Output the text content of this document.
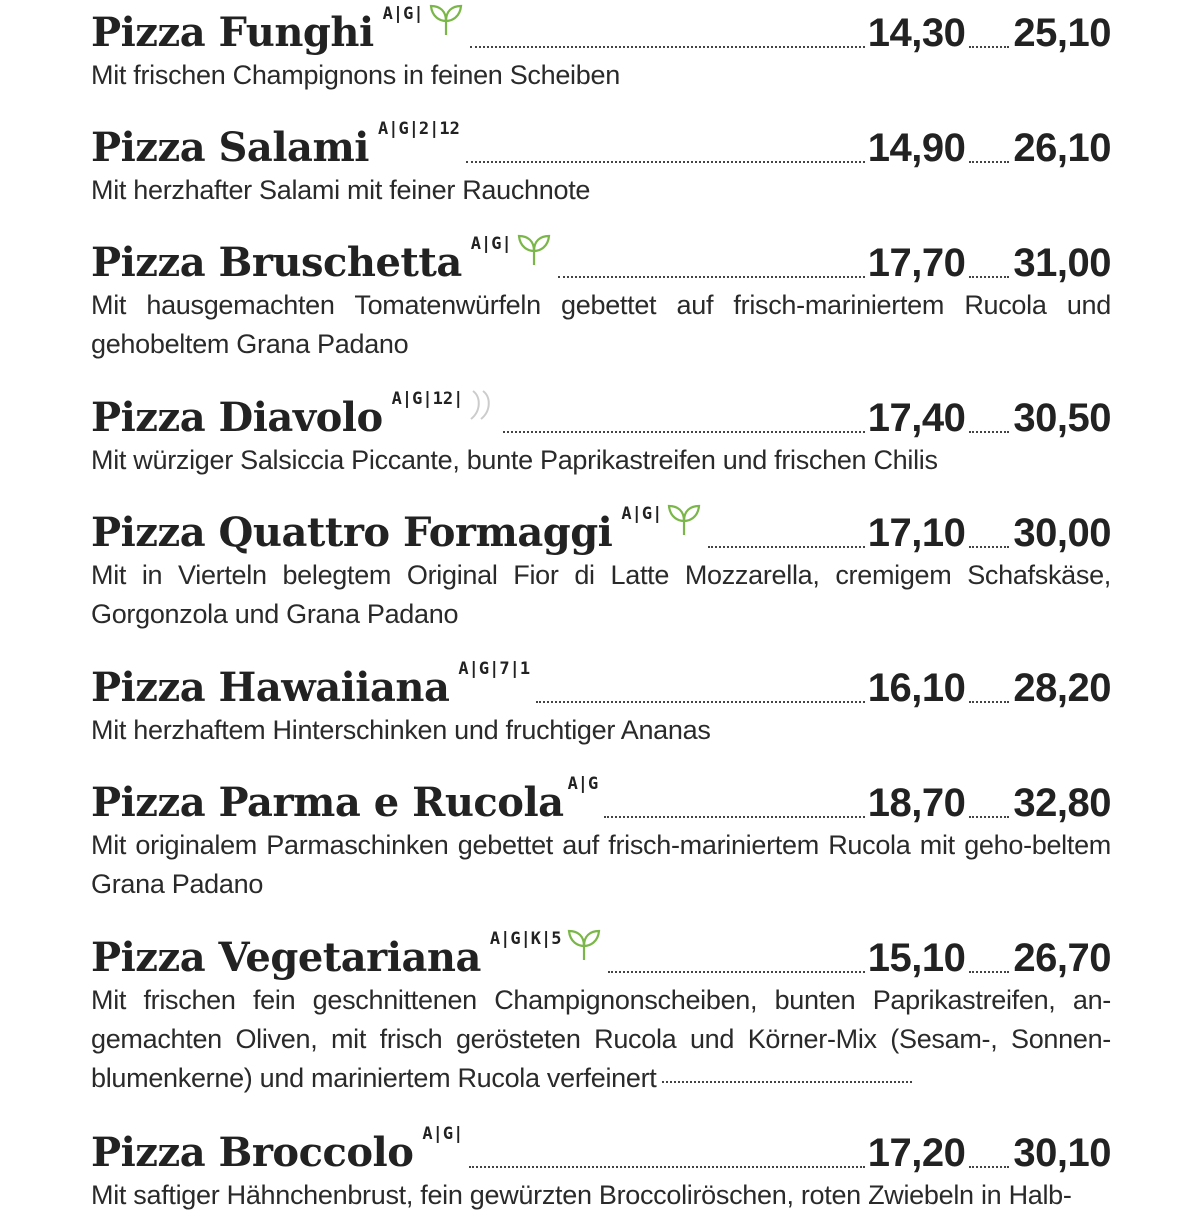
Pizza Funghi A|G|	14,30 25,10
Mit frischen Champignons in feinen Scheiben
Pizza Salami A|G|2|12	14,90 26,10
Mit herzhafter Salami mit feiner Rauchnote
Pizza Bruschetta A|G|	17,70 31,00
Mit hausgemachten Tomatenwürfeln gebettet auf frisch-mariniertem Rucola und gehobeltem Grana Padano
Pizza Diavolo A|G|12|	17,40 30,50
Mit würziger Salsiccia Piccante, bunte Paprikastreifen und frischen Chilis
Pizza Quattro Formaggi A|G|	17,10 30,00
Mit in Vierteln belegtem Original Fior di Latte Mozzarella, cremigem Schafskäse, Gorgonzola und Grana Padano
Pizza Hawaiiana A|G|7|1	16,10 28,20
Mit herzhaftem Hinterschinken und fruchtiger Ananas
Pizza Parma e Rucola A|G	18,70 32,80
Mit originalem Parmaschinken gebettet auf frisch-mariniertem Rucola mit geho-beltem Grana Padano
Pizza Vegetariana A|G|K|5	15,10 26,70
Mit frischen fein geschnittenen Champignonscheiben, bunten Paprikastreifen, an-gemachten Oliven, mit frisch gerösteten Rucola und Körner-Mix (Sesam-, Sonnen-blumenkerne) und mariniertem Rucola verfeinert
Pizza Broccolo A|G|	17,20 30,10
Mit saftiger Hähnchenbrust, fein gewürzten Broccoliröschen, roten Zwiebeln in Halb-
